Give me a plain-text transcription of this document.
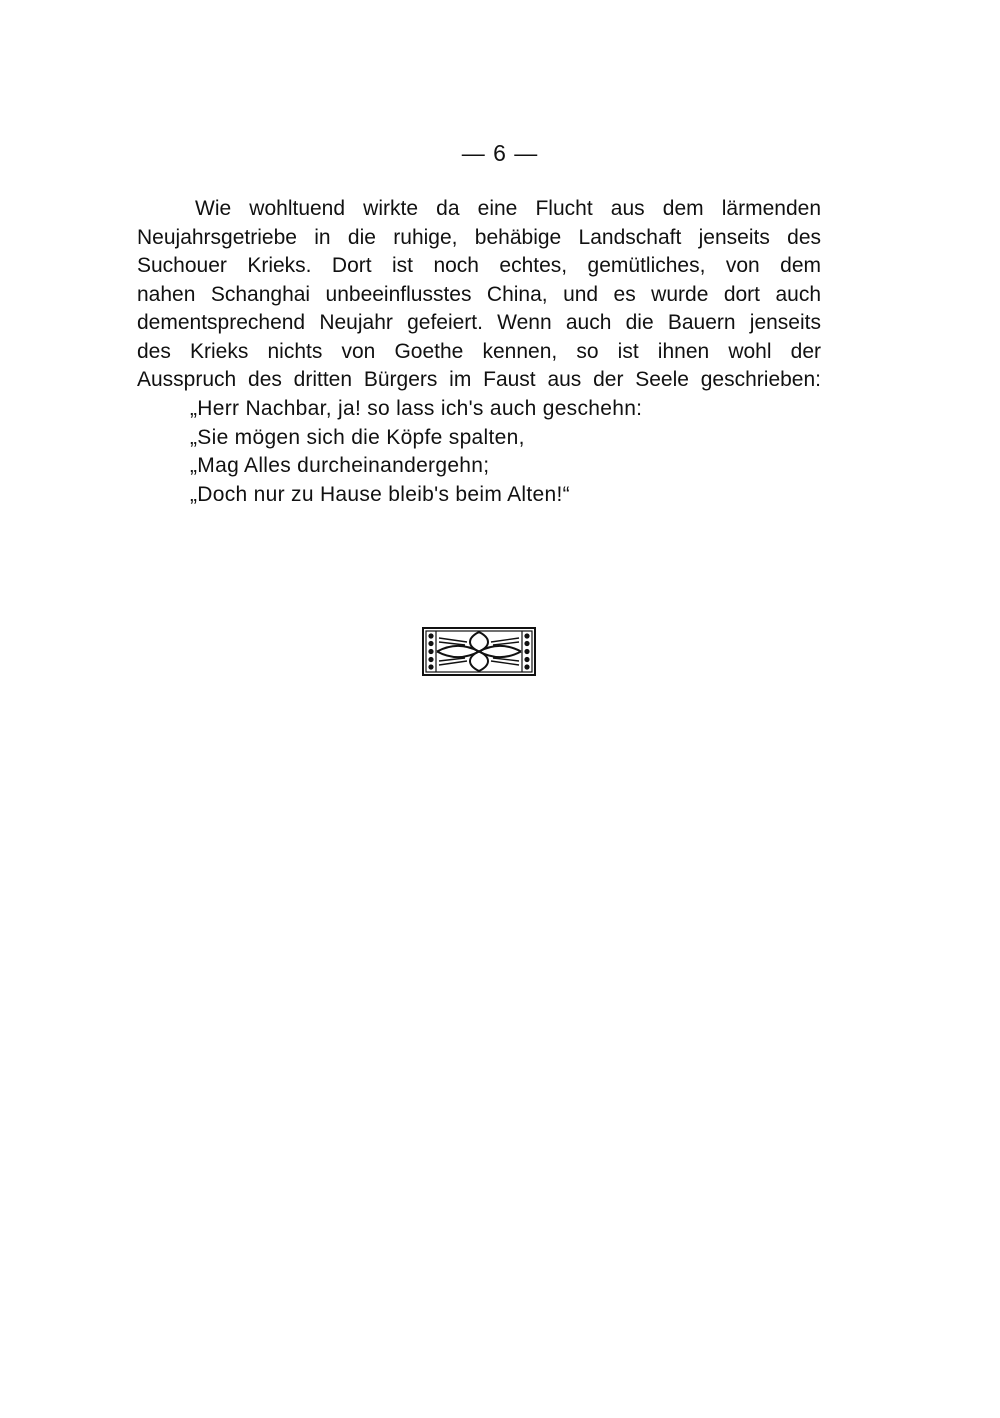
— 6 —
Wie wohltuend wirkte da eine Flucht aus dem lärmenden
Neujahrsgetriebe in die ruhige, behäbige Landschaft jenseits des
Suchouer Krieks. Dort ist noch echtes, gemütliches, von dem
nahen Schanghai unbeeinflusstes China, und es wurde dort auch
dementsprechend Neujahr gefeiert. Wenn auch die Bauern jenseits
des Krieks nichts von Goethe kennen, so ist ihnen wohl der
Ausspruch des dritten Bürgers im Faust aus der Seele geschrieben:
„Herr Nachbar, ja! so lass ich's auch geschehn:
„Sie mögen sich die Köpfe spalten,
„Mag Alles durcheinandergehn;
„Doch nur zu Hause bleib's beim Alten!“
